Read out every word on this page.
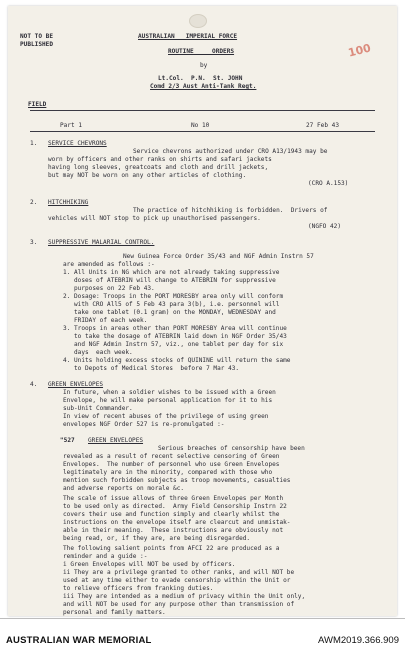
NOT TO BE
PUBLISHED
AUSTRALIAN   IMPERIAL FORCE
ROUTINE     ORDERS
by
Lt.Col.  P.N.  St. JOHN
Comd 2/3 Aust Anti-Tank Regt.
100
FIELD
Part 1	No 10	27 Feb 43
1. SERVICE CHEVRONS
Service chevrons authorized under CRO A13/1943 may be
worn by officers and other ranks on shirts and safari jackets
having long sleeves, greatcoats and cloth and drill jackets,
but may NOT be worn on any other articles of clothing.
(CRO A.153)
2. HITCHHIKING
The practice of hitchhiking is forbidden.  Drivers of
vehicles will NOT stop to pick up unauthorised passengers.
(NGFO 42)
3. SUPPRESSIVE MALARIAL CONTROL.
New Guinea Force Order 35/43 and NGF Admin Instrn 57
are amended as follows :-
1. All Units in NG which are not already taking suppressive
doses of ATEBRIN will change to ATEBRIN for suppressive
purposes on 22 Feb 43.
2. Dosage: Troops in the PORT MORESBY area only will conform
with CRO All5 of 5 Feb 43 para 3(b), i.e. personnel will
take one tablet (0.1 gram) on the MONDAY, WEDNESDAY and
FRIDAY of each week.
3. Troops in areas other than PORT MORESBY Area will continue
to take the dosage of ATEBRIN laid down in NGF Order 35/43
and NGF Admin Instrn 57, viz., one tablet per day for six
days  each week.
4. Units holding excess stocks of QUININE will return the same
to Depots of Medical Stores  before 7 Mar 43.
4. GREEN ENVELOPES
In future, when a soldier wishes to be issued with a Green
Envelope, he will make personal application for it to his
sub-Unit Commander.
In view of recent abuses of the privilege of using green
envelopes NGF Order 527 is re-promulgated :-
"527 GREEN ENVELOPES
Serious breaches of censorship have been
revealed as a result of recent selective censoring of Green
Envelopes.  The number of personnel who use Green Envelopes
legitimately are in the minority, compared with those who
mention such forbidden subjects as troop movements, casualties
and adverse reports on morale &c.
The scale of issue allows of three Green Envelopes per Month
to be used only as directed.  Army Field Censorship Instrn 22
covers their use and function simply and clearly whilst the
instructions on the envelope itself are clearcut and unmistak-
able in their meaning.  These instructions are obviously not
being read, or, if they are, are being disregarded.
The following salient points from AFCI 22 are produced as a
reminder and a guide :-
i Green Envelopes will NOT be used by officers.
ii They are a privilege granted to other ranks, and will NOT be
used at any time either to evade censorship within the Unit or
to relieve officers from franking duties.
iii They are intended as a medium of privacy within the Unit only,
and will NOT be used for any purpose other than transmission of
personal and family matters.
AUSTRALIAN WAR MEMORIAL	AWM2019.366.909
